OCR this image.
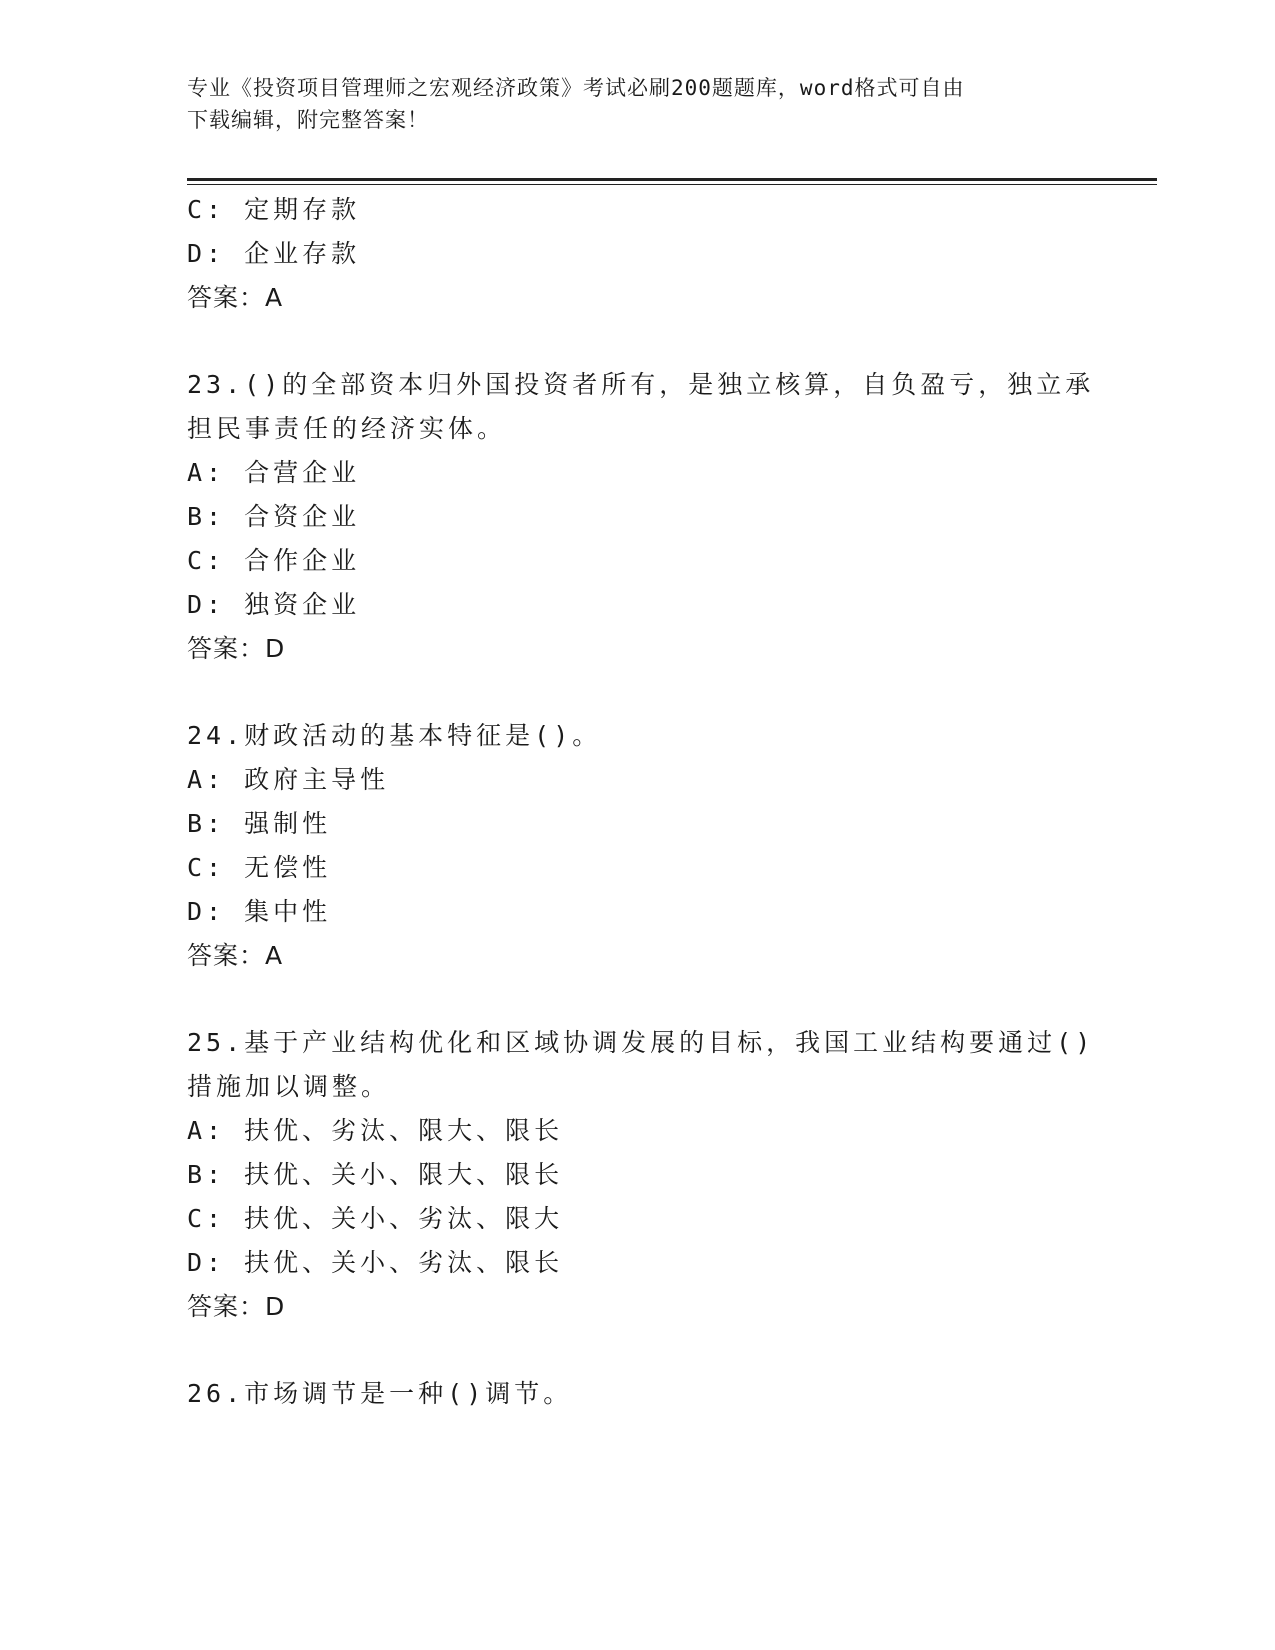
专业《投资项目管理师之宏观经济政策》考试必刷200题题库，word格式可自由
下载编辑，附完整答案！
C: 定期存款
D: 企业存款
答案：A
23.()的全部资本归外国投资者所有，是独立核算，自负盈亏，独立承
担民事责任的经济实体。
A: 合营企业
B: 合资企业
C: 合作企业
D: 独资企业
答案：D
24.财政活动的基本特征是()。
A: 政府主导性
B: 强制性
C: 无偿性
D: 集中性
答案：A
25.基于产业结构优化和区域协调发展的目标，我国工业结构要通过()
措施加以调整。
A: 扶优、劣汰、限大、限长
B: 扶优、关小、限大、限长
C: 扶优、关小、劣汰、限大
D: 扶优、关小、劣汰、限长
答案：D
26.市场调节是一种()调节。
